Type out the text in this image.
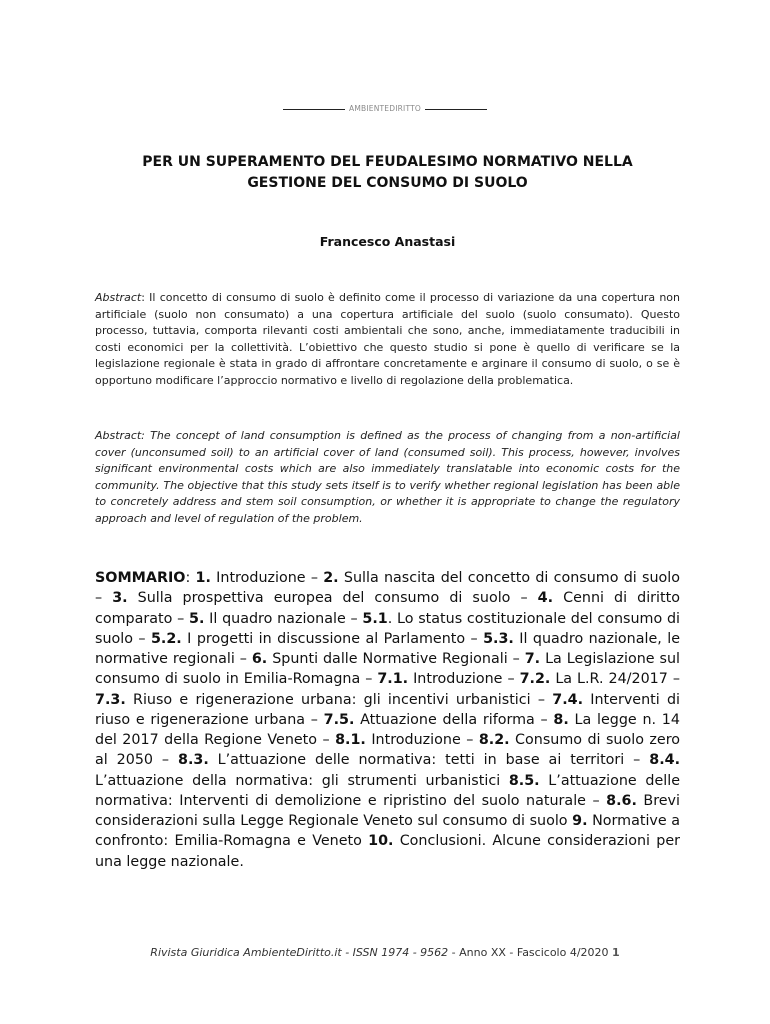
AMBIENTEDIRITTO
PER UN SUPERAMENTO DEL FEUDALESIMO NORMATIVO NELLA
GESTIONE DEL CONSUMO DI SUOLO
Francesco Anastasi
Abstract: Il concetto di consumo di suolo è definito come il processo di variazione da una copertura non artificiale (suolo non consumato) a una copertura artificiale del suolo (suolo consumato). Questo processo, tuttavia, comporta rilevanti costi ambientali che sono, anche, immediatamente traducibili in costi economici per la collettività. L’obiettivo che questo studio si pone è quello di verificare se la legislazione regionale è stata in grado di affrontare concretamente e arginare il consumo di suolo, o se è opportuno modificare l’approccio normativo e livello di regolazione della problematica.
Abstract: The concept of land consumption is defined as the process of changing from a non-artificial cover (unconsumed soil) to an artificial cover of land (consumed soil). This process, however, involves significant environmental costs which are also immediately translatable into economic costs for the community. The objective that this study sets itself is to verify whether regional legislation has been able to concretely address and stem soil consumption, or whether it is appropriate to change the regulatory approach and level of regulation of the problem.
SOMMARIO: 1. Introduzione – 2. Sulla nascita del concetto di consumo di suolo – 3. Sulla prospettiva europea del consumo di suolo – 4. Cenni di diritto comparato – 5. Il quadro nazionale – 5.1. Lo status costituzionale del consumo di suolo – 5.2. I progetti in discussione al Parlamento – 5.3. Il quadro nazionale, le normative regionali – 6. Spunti dalle Normative Regionali – 7. La Legislazione sul consumo di suolo in Emilia-Romagna – 7.1. Introduzione – 7.2. La L.R. 24/2017 – 7.3. Riuso e rigenerazione urbana: gli incentivi urbanistici – 7.4. Interventi di riuso e rigenerazione urbana – 7.5. Attuazione della riforma – 8. La legge n. 14 del 2017 della Regione Veneto – 8.1. Introduzione – 8.2. Consumo di suolo zero al 2050 – 8.3. L’attuazione delle normativa: tetti in base ai territori – 8.4. L’attuazione della normativa: gli strumenti urbanistici 8.5. L’attuazione delle normativa: Interventi di demolizione e ripristino del suolo naturale – 8.6. Brevi considerazioni sulla Legge Regionale Veneto sul consumo di suolo 9. Normative a confronto: Emilia-Romagna e Veneto 10. Conclusioni. Alcune considerazioni per una legge nazionale.
Rivista Giuridica AmbienteDiritto.it - ISSN 1974 - 9562 - Anno XX - Fascicolo 4/2020 1
